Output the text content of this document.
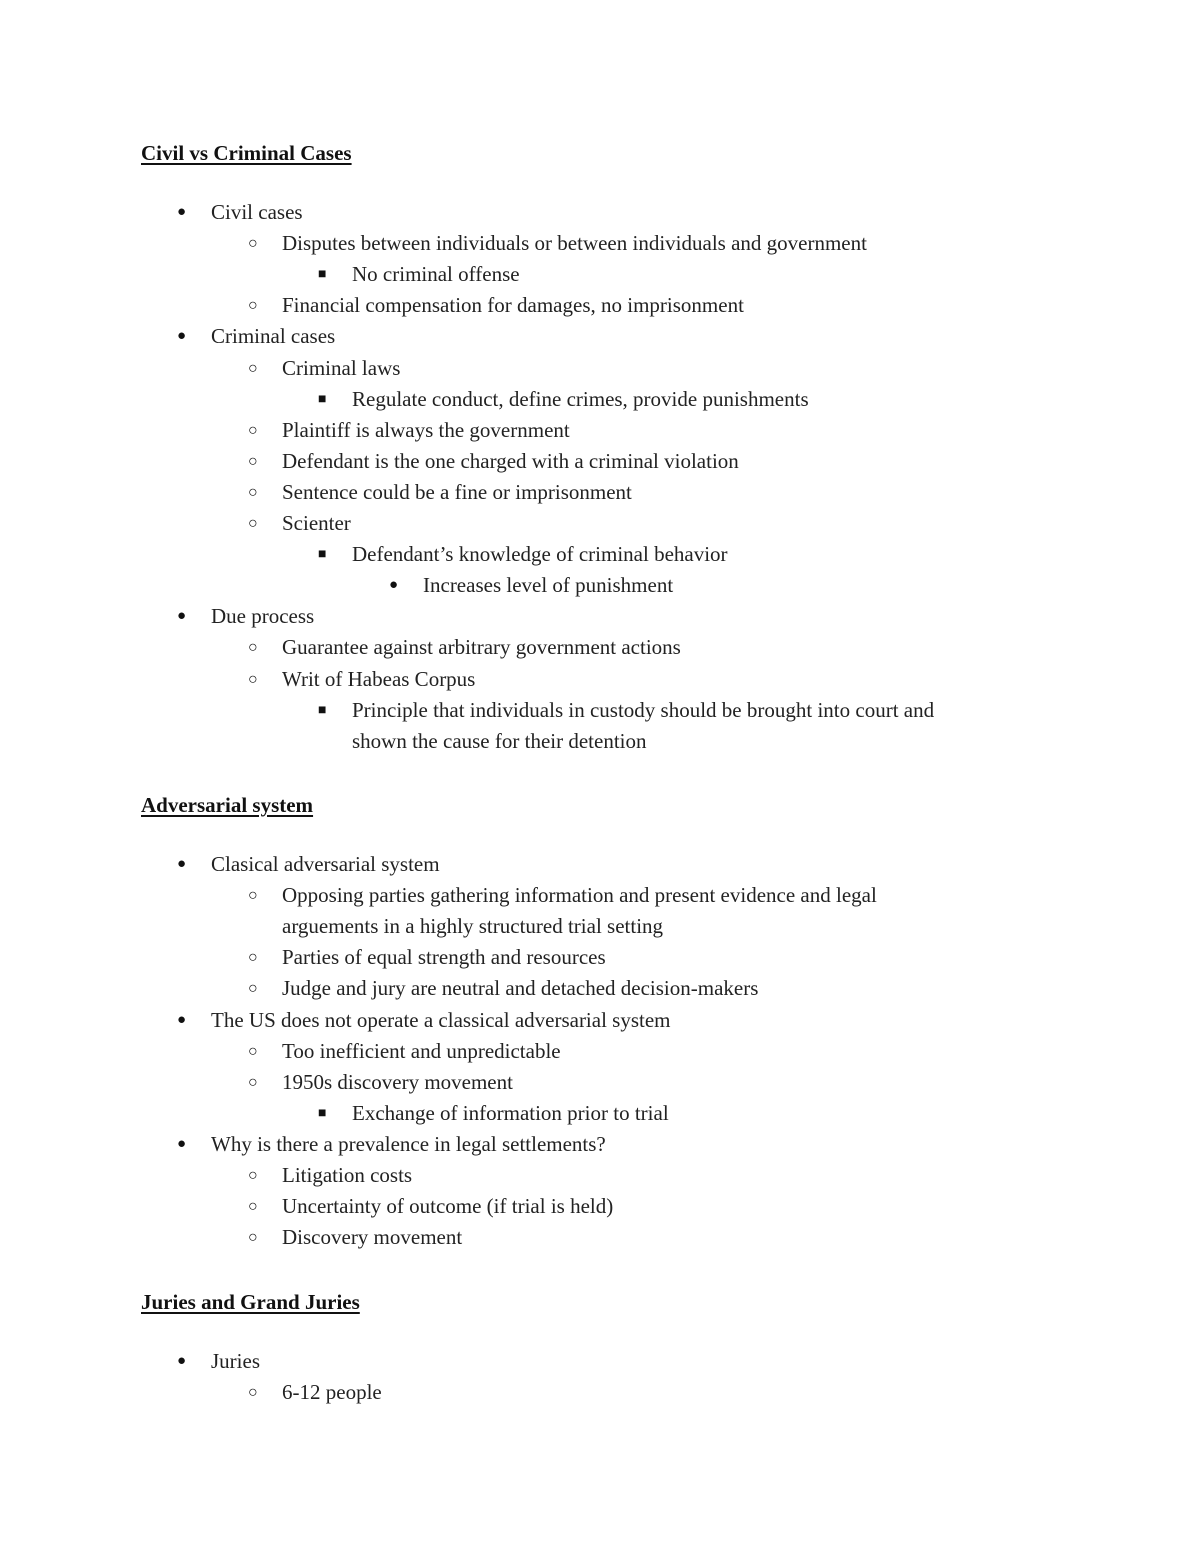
Civil vs Criminal Cases
● Civil cases
○ Disputes between individuals or between individuals and government
■ No criminal offense
○ Financial compensation for damages, no imprisonment
● Criminal cases
○ Criminal laws
■ Regulate conduct, define crimes, provide punishments
○ Plaintiff is always the government
○ Defendant is the one charged with a criminal violation
○ Sentence could be a fine or imprisonment
○ Scienter
■ Defendant’s knowledge of criminal behavior
● Increases level of punishment
● Due process
○ Guarantee against arbitrary government actions
○ Writ of Habeas Corpus
■ Principle that individuals in custody should be brought into court and
shown the cause for their detention
Adversarial system
● Clasical adversarial system
○ Opposing parties gathering information and present evidence and legal
arguements in a highly structured trial setting
○ Parties of equal strength and resources
○ Judge and jury are neutral and detached decision-makers
● The US does not operate a classical adversarial system
○ Too inefficient and unpredictable
○ 1950s discovery movement
■ Exchange of information prior to trial
● Why is there a prevalence in legal settlements?
○ Litigation costs
○ Uncertainty of outcome (if trial is held)
○ Discovery movement
Juries and Grand Juries
● Juries
○ 6-12 people
